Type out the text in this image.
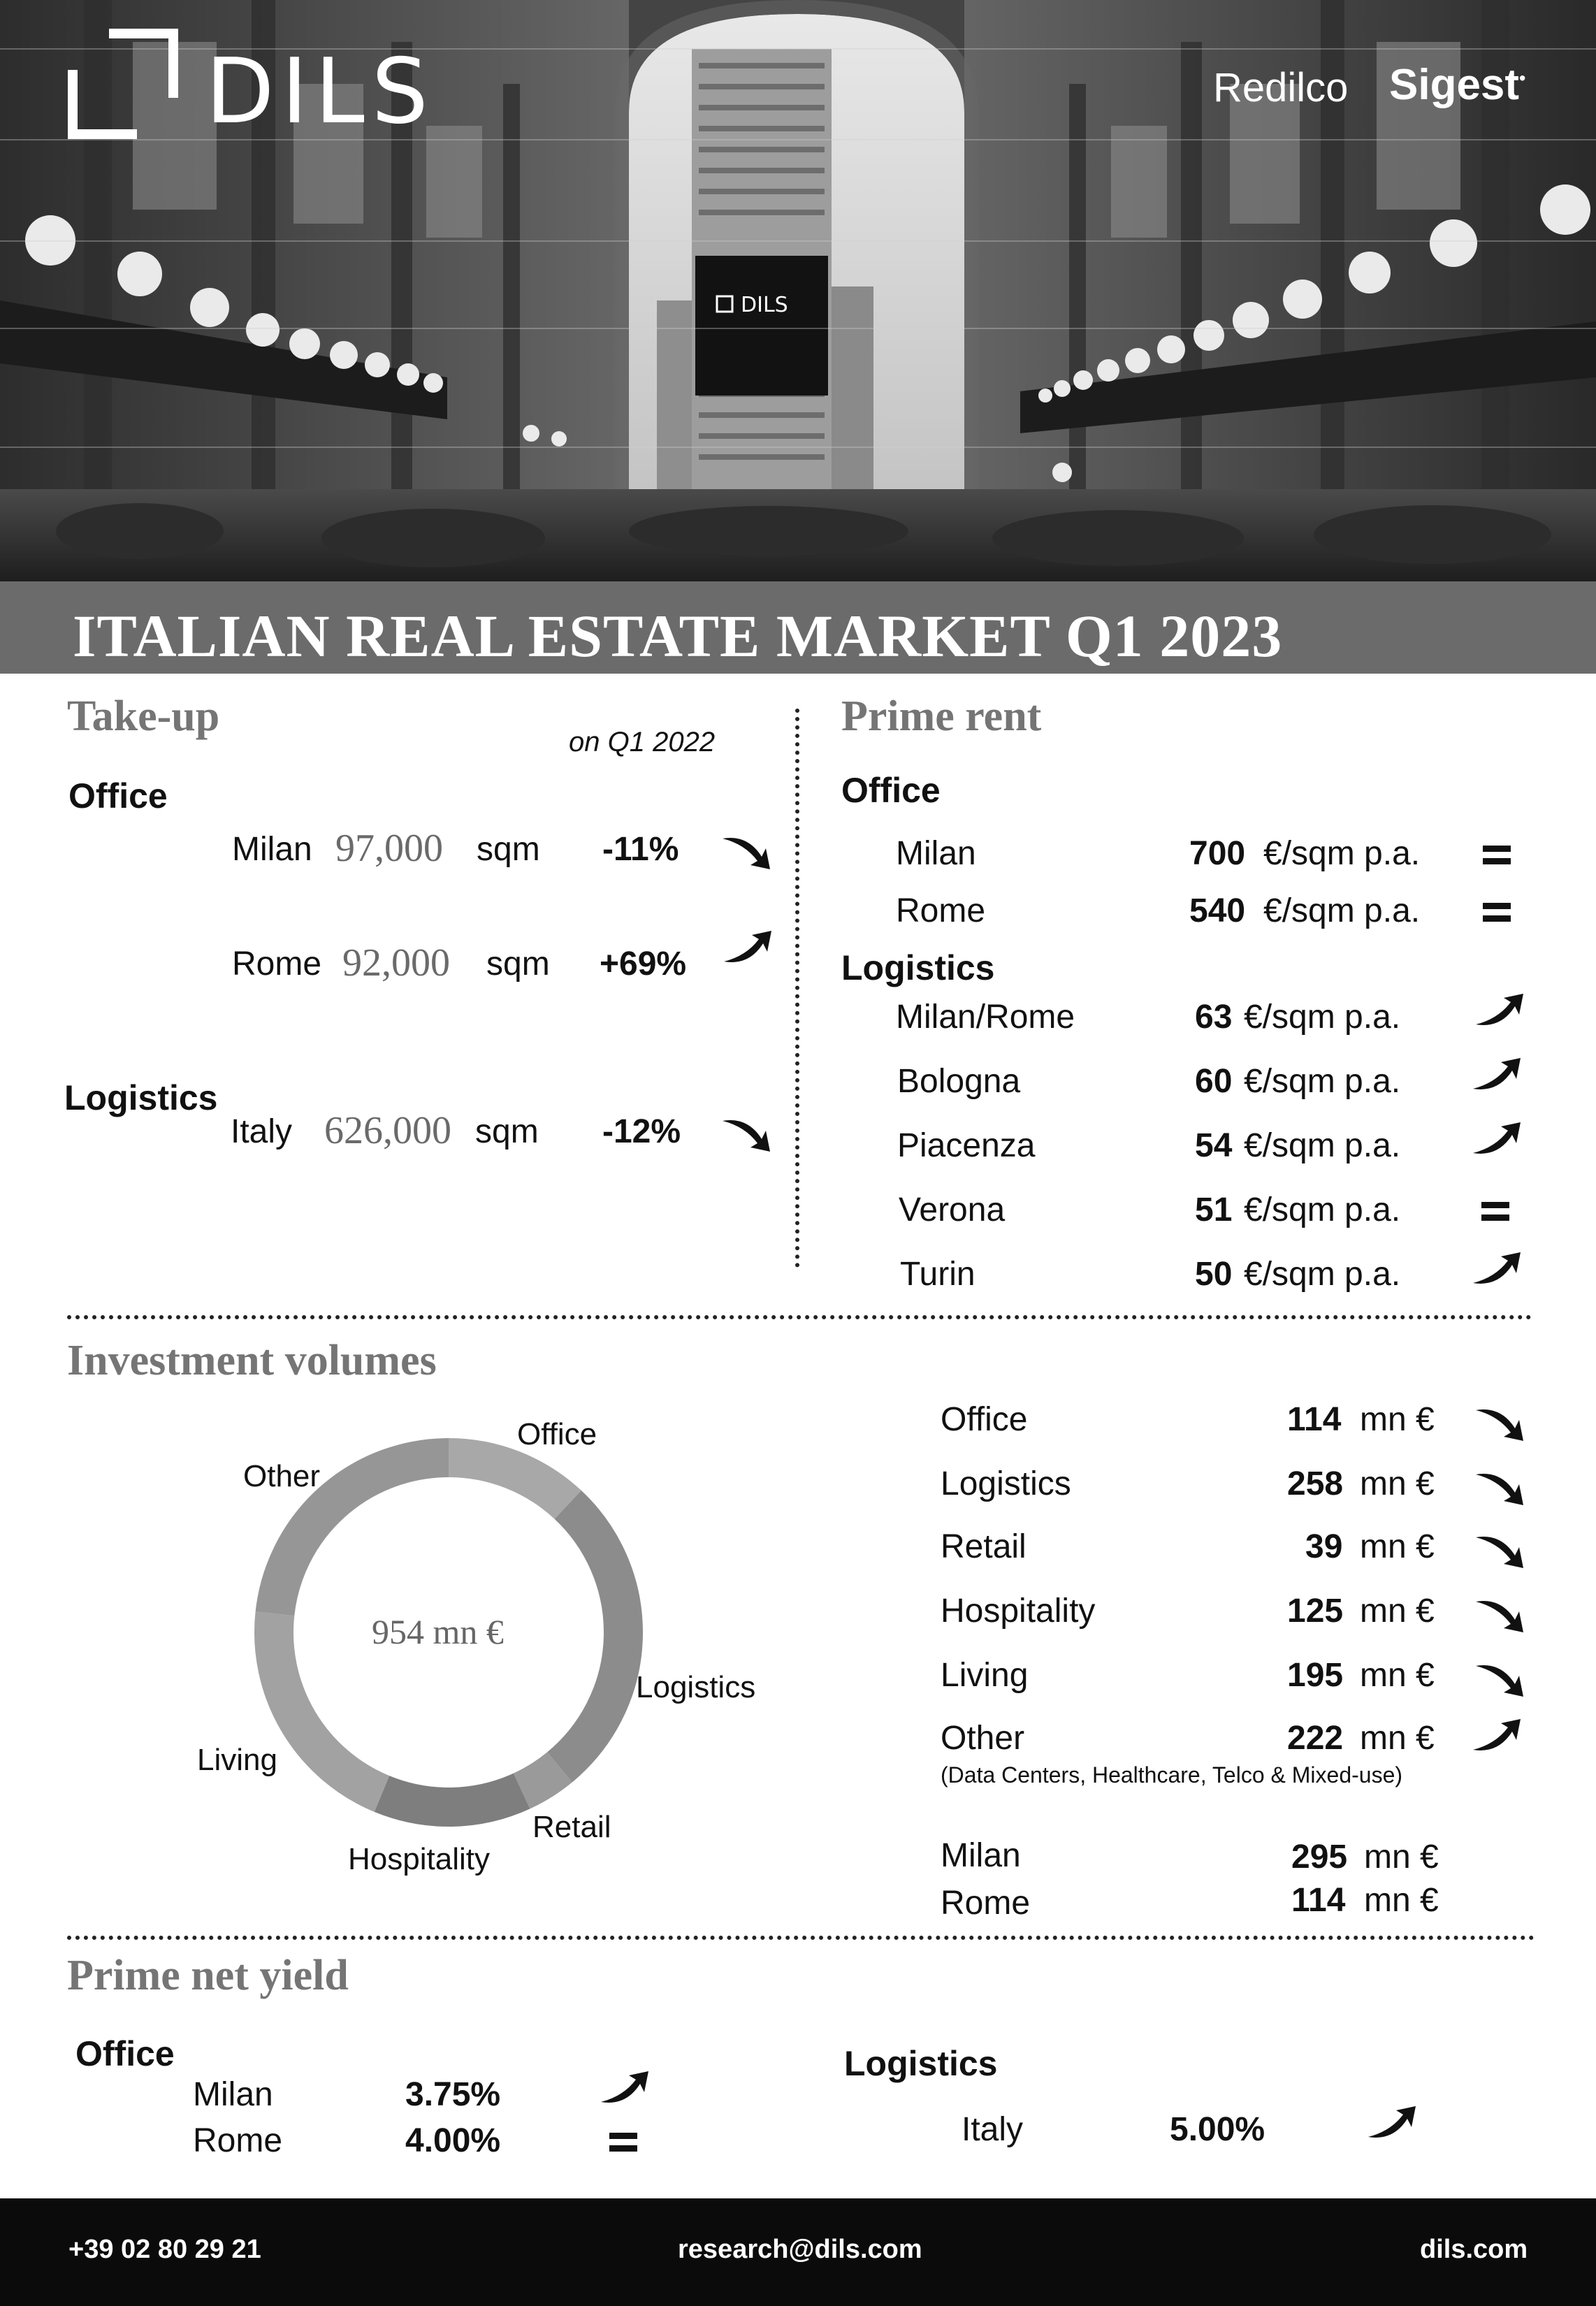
DILS
DILS	Redilco Sigest•
ITALIAN REAL ESTATE MARKET Q1 2023
Take-up
on Q1 2022
Office
Milan 97,000 sqm -11%
Rome 92,000 sqm +69%
Logistics
Italy 626,000 sqm -12%
Prime rent
Office
Milan	700 €/sqm p.a.
Rome	540 €/sqm p.a.
Logistics
Milan/Rome	63 €/sqm p.a.
Bologna	60 €/sqm p.a.
Piacenza	54 €/sqm p.a.
Verona	51 €/sqm p.a.
Turin	50 €/sqm p.a.
Investment volumes
954 mn €
Office
Other
Logistics
Living
Retail
Hospitality
Office	114 mn €
Logistics	258 mn €
Retail	39 mn €
Hospitality	125 mn €
Living	195 mn €
Other	222 mn €
(Data Centers, Healthcare, Telco & Mixed-use)
Milan	295 mn €
Rome	114 mn €
Prime net yield
Office
Milan	3.75%
Rome	4.00%
Logistics
Italy	5.00%
+39 02 80 29 21	research@dils.com	dils.com
